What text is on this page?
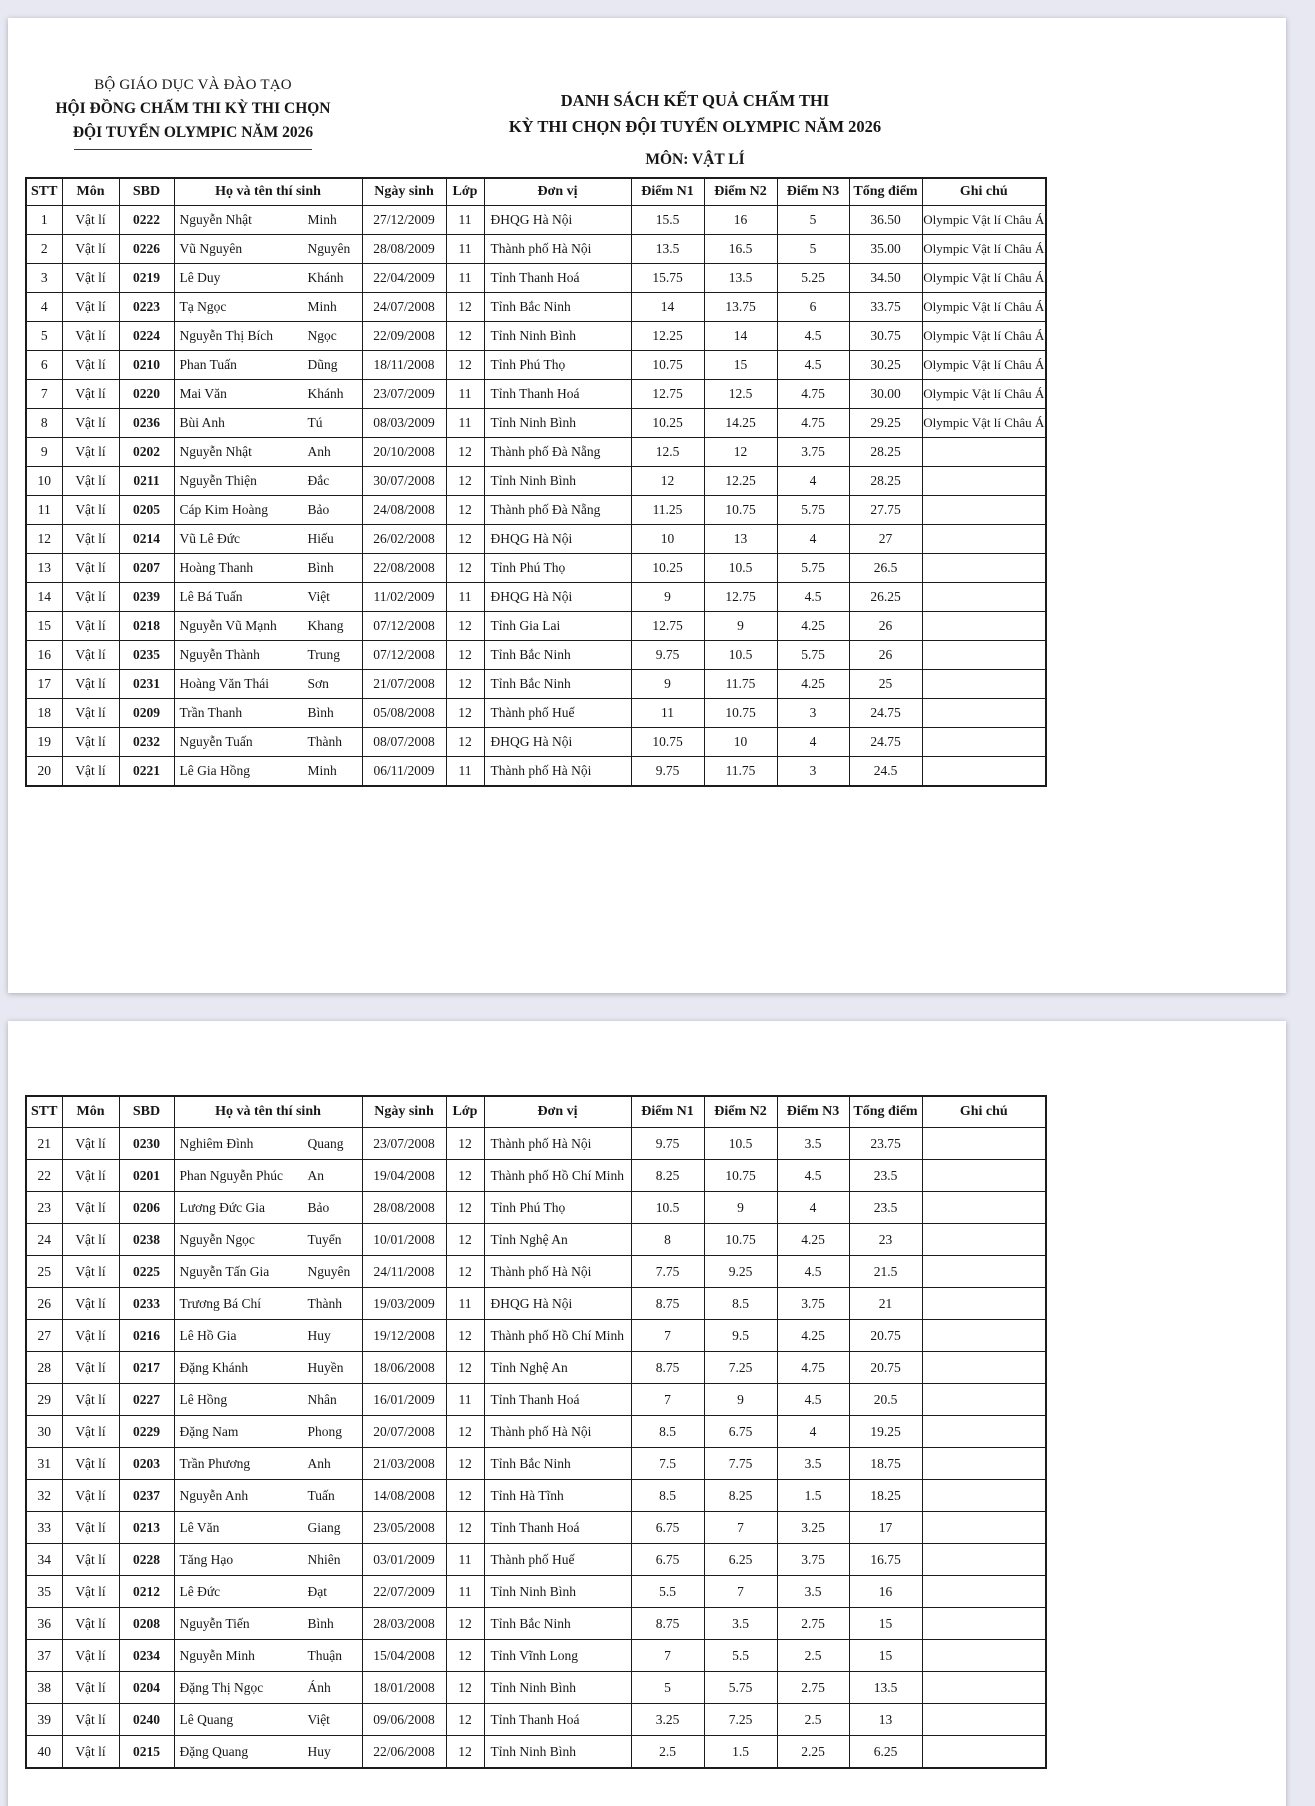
BỘ GIÁO DỤC VÀ ĐÀO TẠO
HỘI ĐỒNG CHẤM THI KỲ THI CHỌN
ĐỘI TUYỂN OLYMPIC NĂM 2026
DANH SÁCH KẾT QUẢ CHẤM THI
KỲ THI CHỌN ĐỘI TUYỂN OLYMPIC NĂM 2026
MÔN: VẬT LÍ
STT	Môn	SBD	Họ và tên thí sinh	Ngày sinh	Lớp	Đơn vị	Điểm N1	Điểm N2	Điểm N3	Tổng điểm	Ghi chú
1	Vật lí	0222	Nguyễn Nhật Minh	27/12/2009	11	ĐHQG Hà Nội	15.5	16	5	36.50	Olympic Vật lí Châu Á
2	Vật lí	0226	Vũ Nguyên Nguyên	28/08/2009	11	Thành phố Hà Nội	13.5	16.5	5	35.00	Olympic Vật lí Châu Á
3	Vật lí	0219	Lê Duy Khánh	22/04/2009	11	Tỉnh Thanh Hoá	15.75	13.5	5.25	34.50	Olympic Vật lí Châu Á
4	Vật lí	0223	Tạ Ngọc Minh	24/07/2008	12	Tỉnh Bắc Ninh	14	13.75	6	33.75	Olympic Vật lí Châu Á
5	Vật lí	0224	Nguyễn Thị Bích Ngọc	22/09/2008	12	Tỉnh Ninh Bình	12.25	14	4.5	30.75	Olympic Vật lí Châu Á
6	Vật lí	0210	Phan Tuấn Dũng	18/11/2008	12	Tỉnh Phú Thọ	10.75	15	4.5	30.25	Olympic Vật lí Châu Á
7	Vật lí	0220	Mai Văn Khánh	23/07/2009	11	Tỉnh Thanh Hoá	12.75	12.5	4.75	30.00	Olympic Vật lí Châu Á
8	Vật lí	0236	Bùi Anh Tú	08/03/2009	11	Tỉnh Ninh Bình	10.25	14.25	4.75	29.25	Olympic Vật lí Châu Á
9	Vật lí	0202	Nguyễn Nhật Anh	20/10/2008	12	Thành phố Đà Nẵng	12.5	12	3.75	28.25	
10	Vật lí	0211	Nguyễn Thiện Đắc	30/07/2008	12	Tỉnh Ninh Bình	12	12.25	4	28.25	
11	Vật lí	0205	Cáp Kim Hoàng Bảo	24/08/2008	12	Thành phố Đà Nẵng	11.25	10.75	5.75	27.75	
12	Vật lí	0214	Vũ Lê Đức Hiếu	26/02/2008	12	ĐHQG Hà Nội	10	13	4	27	
13	Vật lí	0207	Hoàng Thanh Bình	22/08/2008	12	Tỉnh Phú Thọ	10.25	10.5	5.75	26.5	
14	Vật lí	0239	Lê Bá Tuấn Việt	11/02/2009	11	ĐHQG Hà Nội	9	12.75	4.5	26.25	
15	Vật lí	0218	Nguyễn Vũ Mạnh Khang	07/12/2008	12	Tỉnh Gia Lai	12.75	9	4.25	26	
16	Vật lí	0235	Nguyễn Thành Trung	07/12/2008	12	Tỉnh Bắc Ninh	9.75	10.5	5.75	26	
17	Vật lí	0231	Hoàng Văn Thái Sơn	21/07/2008	12	Tỉnh Bắc Ninh	9	11.75	4.25	25	
18	Vật lí	0209	Trần Thanh Bình	05/08/2008	12	Thành phố Huế	11	10.75	3	24.75	
19	Vật lí	0232	Nguyễn Tuấn Thành	08/07/2008	12	ĐHQG Hà Nội	10.75	10	4	24.75	
20	Vật lí	0221	Lê Gia Hồng Minh	06/11/2009	11	Thành phố Hà Nội	9.75	11.75	3	24.5	
STT	Môn	SBD	Họ và tên thí sinh	Ngày sinh	Lớp	Đơn vị	Điểm N1	Điểm N2	Điểm N3	Tổng điểm	Ghi chú
21	Vật lí	0230	Nghiêm Đình Quang	23/07/2008	12	Thành phố Hà Nội	9.75	10.5	3.5	23.75	
22	Vật lí	0201	Phan Nguyễn Phúc An	19/04/2008	12	Thành phố Hồ Chí Minh	8.25	10.75	4.5	23.5	
23	Vật lí	0206	Lương Đức Gia Bảo	28/08/2008	12	Tỉnh Phú Thọ	10.5	9	4	23.5	
24	Vật lí	0238	Nguyễn Ngọc Tuyển	10/01/2008	12	Tỉnh Nghệ An	8	10.75	4.25	23	
25	Vật lí	0225	Nguyễn Tấn Gia Nguyên	24/11/2008	12	Thành phố Hà Nội	7.75	9.25	4.5	21.5	
26	Vật lí	0233	Trương Bá Chí Thành	19/03/2009	11	ĐHQG Hà Nội	8.75	8.5	3.75	21	
27	Vật lí	0216	Lê Hồ Gia Huy	19/12/2008	12	Thành phố Hồ Chí Minh	7	9.5	4.25	20.75	
28	Vật lí	0217	Đặng Khánh Huyền	18/06/2008	12	Tỉnh Nghệ An	8.75	7.25	4.75	20.75	
29	Vật lí	0227	Lê Hồng Nhân	16/01/2009	11	Tỉnh Thanh Hoá	7	9	4.5	20.5	
30	Vật lí	0229	Đặng Nam Phong	20/07/2008	12	Thành phố Hà Nội	8.5	6.75	4	19.25	
31	Vật lí	0203	Trần Phương Anh	21/03/2008	12	Tỉnh Bắc Ninh	7.5	7.75	3.5	18.75	
32	Vật lí	0237	Nguyễn Anh Tuấn	14/08/2008	12	Tỉnh Hà Tĩnh	8.5	8.25	1.5	18.25	
33	Vật lí	0213	Lê Văn Giang	23/05/2008	12	Tỉnh Thanh Hoá	6.75	7	3.25	17	
34	Vật lí	0228	Tăng Hạo Nhiên	03/01/2009	11	Thành phố Huế	6.75	6.25	3.75	16.75	
35	Vật lí	0212	Lê Đức Đạt	22/07/2009	11	Tỉnh Ninh Bình	5.5	7	3.5	16	
36	Vật lí	0208	Nguyễn Tiến Bình	28/03/2008	12	Tỉnh Bắc Ninh	8.75	3.5	2.75	15	
37	Vật lí	0234	Nguyễn Minh Thuận	15/04/2008	12	Tỉnh Vĩnh Long	7	5.5	2.5	15	
38	Vật lí	0204	Đặng Thị Ngọc Ánh	18/01/2008	12	Tỉnh Ninh Bình	5	5.75	2.75	13.5	
39	Vật lí	0240	Lê Quang Việt	09/06/2008	12	Tỉnh Thanh Hoá	3.25	7.25	2.5	13	
40	Vật lí	0215	Đặng Quang Huy	22/06/2008	12	Tỉnh Ninh Bình	2.5	1.5	2.25	6.25	
